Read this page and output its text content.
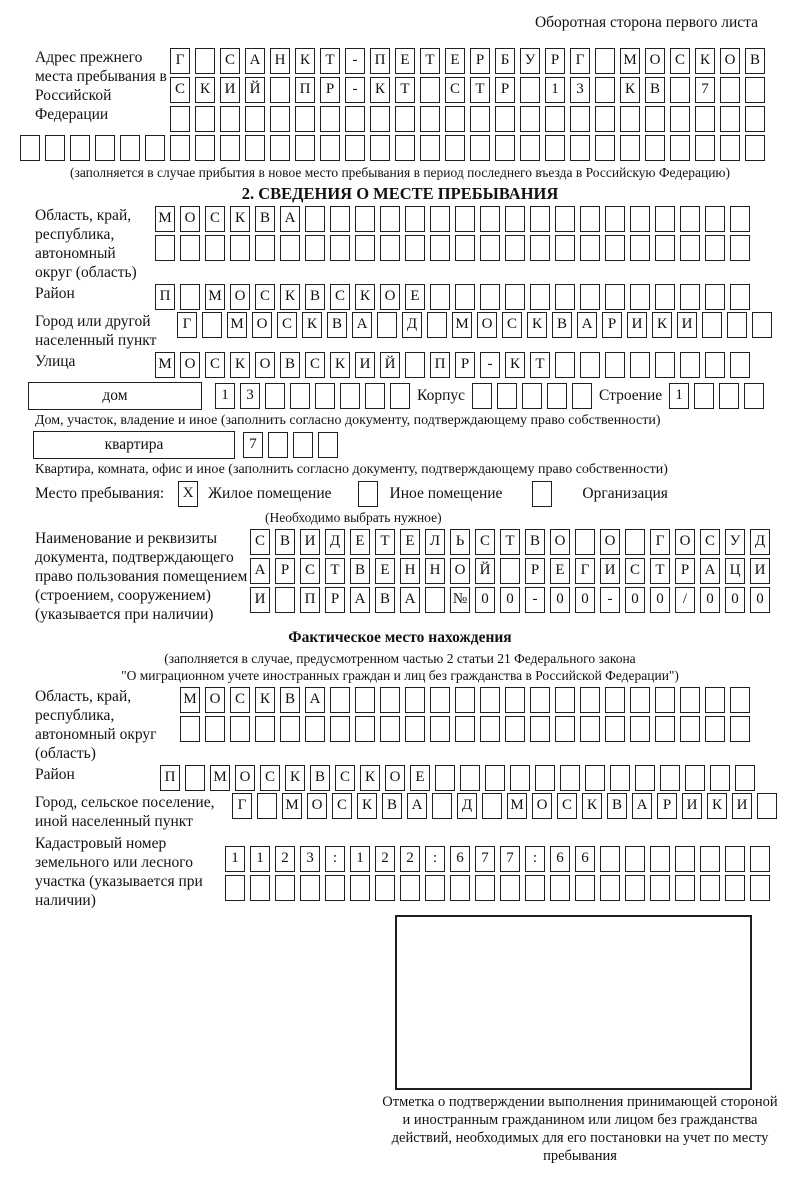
Оборотная сторона первого листа
Адрес прежнего места пребывания в Российской Федерации
Г	С А Н К	Т	-	П Е	Т	Е	Р	Б	У	Р	Г	М О С К О В
С К И Й	П	Р	-	К	Т	С	Т	Р	1	3	К В	7
(заполняется в случае прибытия в новое место пребывания в период последнего въезда в Российскую Федерацию)
2. СВЕДЕНИЯ О МЕСТЕ ПРЕБЫВАНИЯ
Область, край, республика, автономный округ (область)
М О С К В А
Район	П	М О С К В С К О Е
Город или другой населенный пункт
Г	М О С К В А	Д	М О С К В А	Р	И К И
Улица	М О С К О В С К И Й	П	Р	-	К	Т
дом	1	3	Корпус	Строение 1
Дом, участок, владение и иное (заполнить согласно документу, подтверждающему право собственности)
квартира	7
Квартира, комната, офис и иное (заполнить согласно документу, подтверждающему право собственности)
Место пребывания:	X Жилое помещение	Иное помещение	Организация
(Необходимо выбрать нужное)
Наименование и реквизиты документа, подтверждающего право пользования помещением (строением, сооружением) (указывается при наличии)
С В И Д	Е	Т	Е	Л	Ь	С	Т	В О	О	Г	О С У Д
А	Р	С	Т	В	Е	Н Н О Й	Р	Е	Г	И С	Т	Р	А Ц И
И	П	Р	А В А	№ 0	0	-	0	0	-	0	0	/	0	0	0
Фактическое место нахождения
(заполняется в случае, предусмотренном частью 2 статьи 21 Федерального закона
"О миграционном учете иностранных граждан и лиц без гражданства в Российской Федерации")
Область, край, республика, автономный округ (область)
М О С К В А
Район	П	М О С К В С К О Е
Город, сельское поселение, иной населенный пункт
Г	М О С К В А	Д	М О С К В А	Р	И К И
Кадастровый номер земельного или лесного участка (указывается при наличии)
1	1	2	3	:	1	2	2	:	6	7	7	:	6	6
Отметка о подтверждении выполнения принимающей стороной и иностранным гражданином или лицом без гражданства действий, необходимых для его постановки на учет по месту пребывания
